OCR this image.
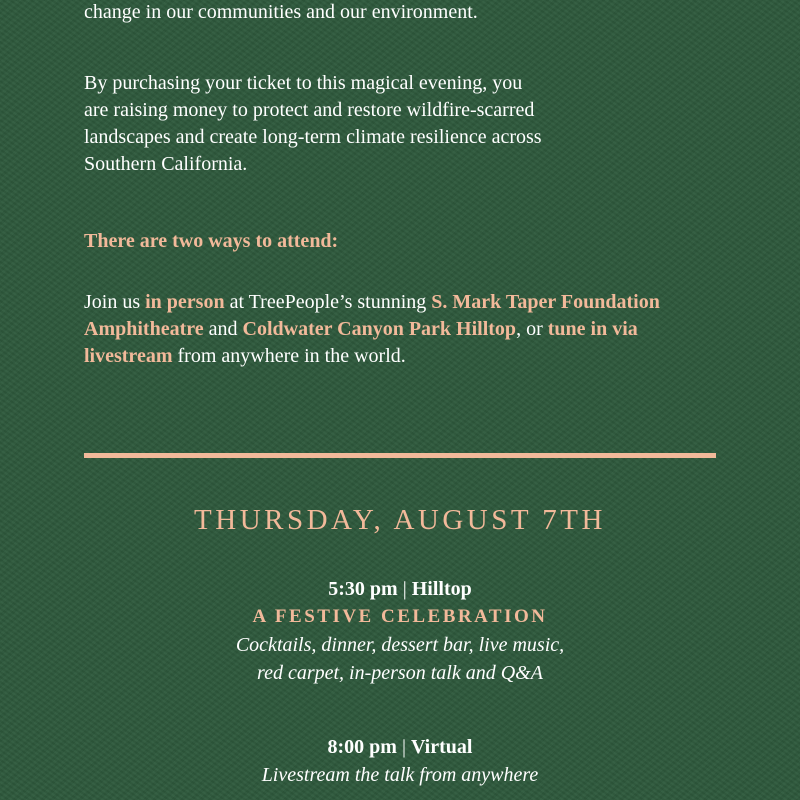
change in our communities and our environment.

By purchasing your ticket to this magical evening, you
are raising money to protect and restore wildfire-scarred
landscapes and create long-term climate resilience across
Southern California.

There are two ways to attend:

Join us in person at TreePeople’s stunning S. Mark Taper Foundation Amphitheatre and Coldwater Canyon Park Hilltop, or tune in via livestream from anywhere in the world.

THURSDAY, AUGUST 7TH
5:30 pm | Hilltop
A FESTIVE CELEBRATION
Cocktails, dinner, dessert bar, live music,
red carpet, in-person talk and Q&A
8:00 pm | Virtual
Livestream the talk from anywhere
